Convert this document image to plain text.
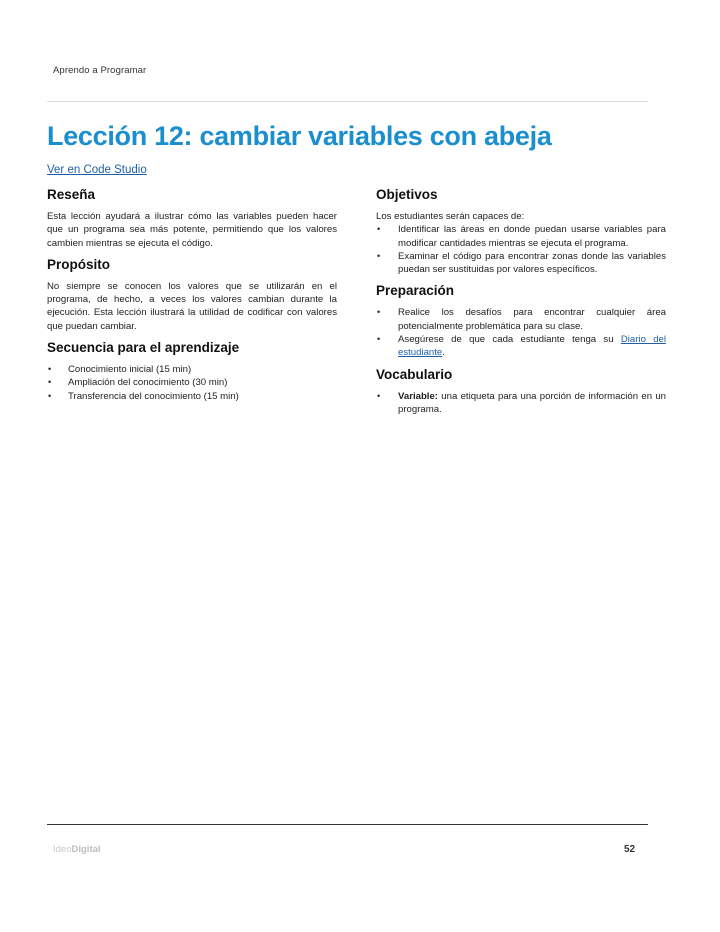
Aprendo a Programar
Lección 12: cambiar variables con abeja
Ver en Code Studio
Reseña

Esta lección ayudará a ilustrar cómo las variables pueden hacer que un programa sea más potente, permitiendo que los valores cambien mientras se ejecuta el código.

Propósito

No siempre se conocen los valores que se utilizarán en el programa, de hecho, a veces los valores cambian durante la ejecución. Esta lección ilustrará la utilidad de codificar con valores que puedan cambiar.

Secuencia para el aprendizaje
• Conocimiento inicial (15 min)
• Ampliación del conocimiento (30 min)
• Transferencia del conocimiento (15 min)
Objetivos

Los estudiantes serán capaces de:

• Identificar las áreas en donde puedan usarse variables para modificar cantidades mientras se ejecuta el programa.
• Examinar el código para encontrar zonas donde las variables puedan ser sustituidas por valores específicos.
Preparación
• Realice los desafíos para encontrar cualquier área potencialmente problemática para su clase.
• Asegúrese de que cada estudiante tenga su Diario del estudiante.
Vocabulario
• Variable: una etiqueta para una porción de información en un programa.
IdeoDigital	52
